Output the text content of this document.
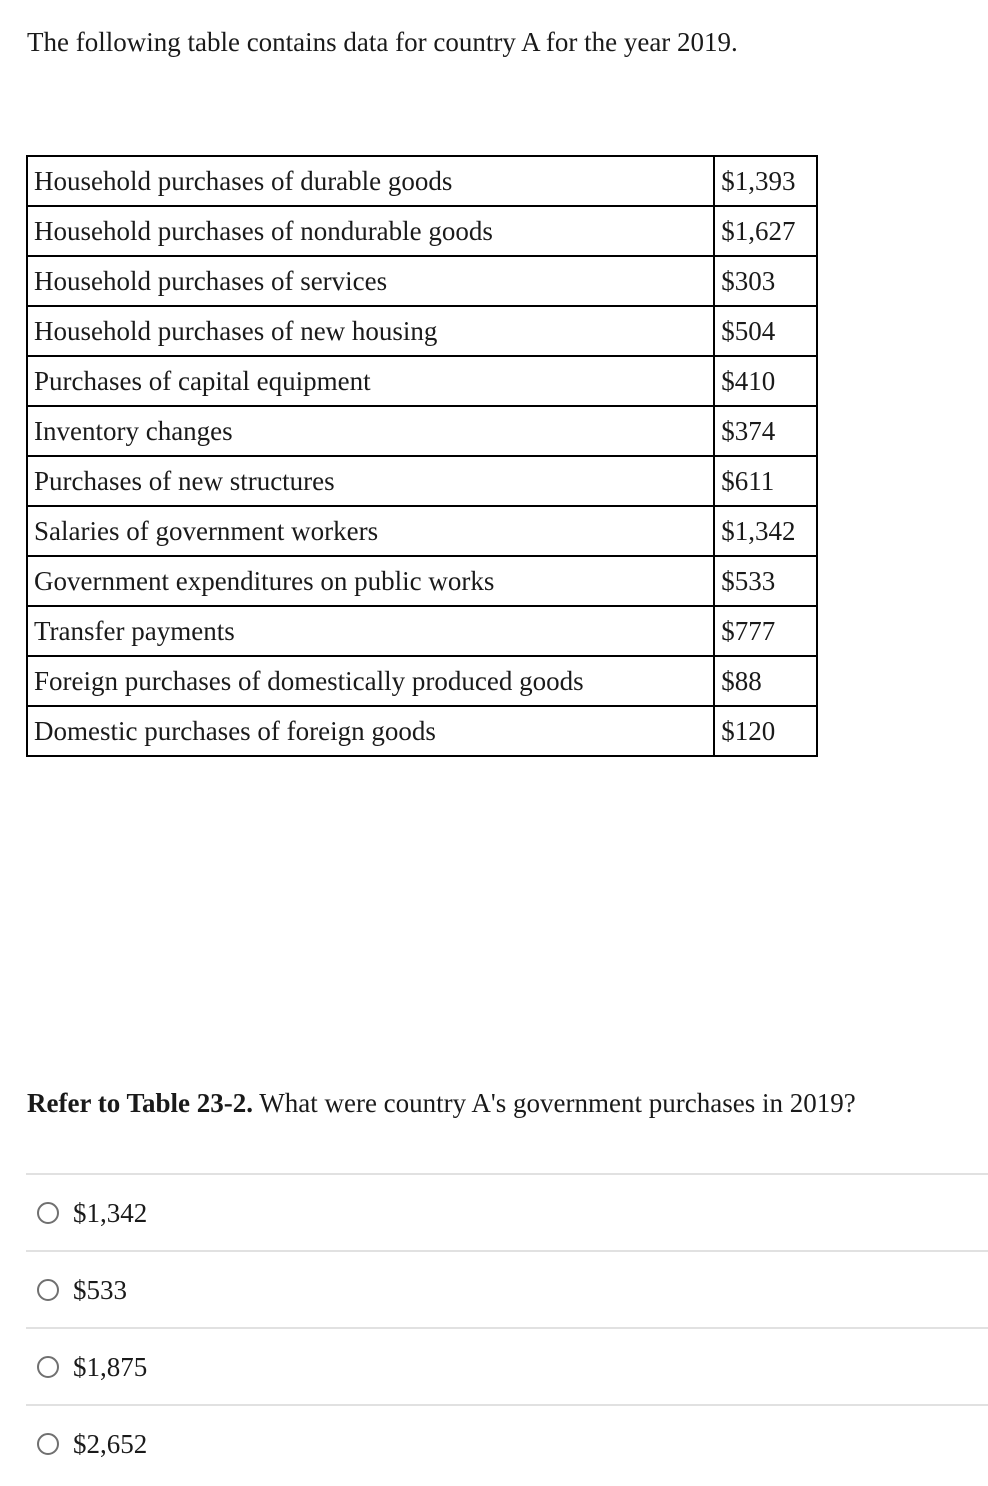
The following table contains data for country A for the year 2019.
Household purchases of durable goods	$1,393
Household purchases of nondurable goods	$1,627
Household purchases of services	$303
Household purchases of new housing	$504
Purchases of capital equipment	$410
Inventory changes	$374
Purchases of new structures	$611
Salaries of government workers	$1,342
Government expenditures on public works	$533
Transfer payments	$777
Foreign purchases of domestically produced goods	$88
Domestic purchases of foreign goods	$120
Refer to Table 23-2. What were country A's government purchases in 2019?
$1,342
$533
$1,875
$2,652
